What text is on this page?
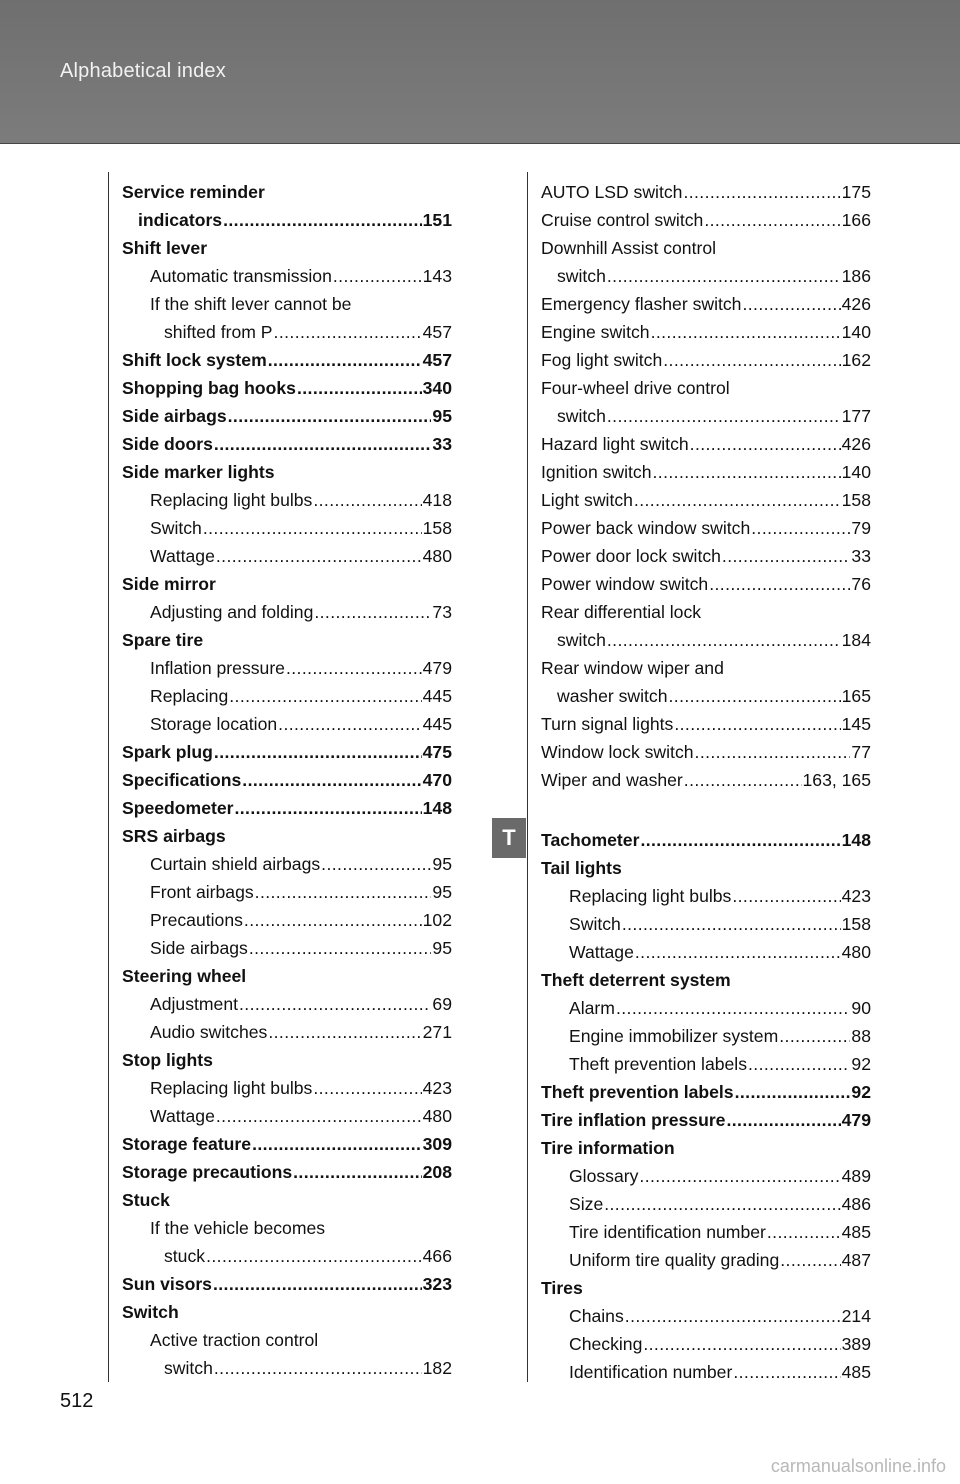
Alphabetical index
Service reminder
indicators .....	151
Shift lever
Automatic transmission .....	143
If the shift lever cannot be
shifted from P .....	457
Shift lock system .....	457
Shopping bag hooks .....	340
Side airbags .....	95
Side doors .....	33
Side marker lights
Replacing light bulbs .....	418
Switch .....	158
Wattage .....	480
Side mirror
Adjusting and folding .....	73
Spare tire
Inflation pressure .....	479
Replacing .....	445
Storage location .....	445
Spark plug .....	475
Specifications .....	470
Speedometer .....	148
SRS airbags
Curtain shield airbags .....	95
Front airbags .....	95
Precautions .....	102
Side airbags .....	95
Steering wheel
Adjustment .....	69
Audio switches .....	271
Stop lights
Replacing light bulbs .....	423
Wattage .....	480
Storage feature .....	309
Storage precautions .....	208
Stuck
If the vehicle becomes
stuck .....	466
Sun visors .....	323
Switch
Active traction control
switch .....	182
AUTO LSD switch .....	175
Cruise control switch .....	166
Downhill Assist control
switch .....	186
Emergency flasher switch .....	426
Engine switch .....	140
Fog light switch .....	162
Four-wheel drive control
switch .....	177
Hazard light switch .....	426
Ignition switch .....	140
Light switch .....	158
Power back window switch .....	79
Power door lock switch .....	33
Power window switch .....	76
Rear differential lock
switch .....	184
Rear window wiper and
washer switch .....	165
Turn signal lights .....	145
Window lock switch .....	77
Wiper and washer .....	163, 165
Tachometer .....	148
Tail lights
Replacing light bulbs .....	423
Switch .....	158
Wattage .....	480
Theft deterrent system
Alarm .....	90
Engine immobilizer system .....	88
Theft prevention labels .....	92
Theft prevention labels .....	92
Tire inflation pressure .....	479
Tire information
Glossary .....	489
Size .....	486
Tire identification number .....	485
Uniform tire quality grading .....	487
Tires
Chains .....	214
Checking .....	389
Identification number .....	485
T
512
carmanualsonline.info
